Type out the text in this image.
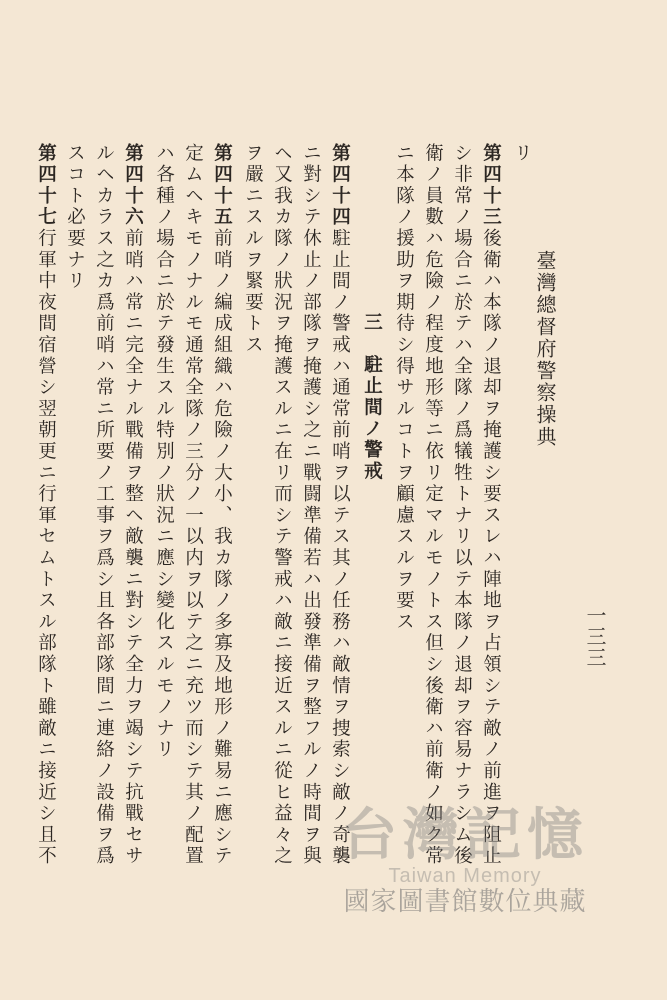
臺灣總督府警察操典
一三三
リ
第四十三後衛ハ本隊ノ退却ヲ掩護シ要スレハ陣地ヲ占領シテ敵ノ前進ヲ阻止
シ非常ノ場合ニ於テハ全隊ノ爲犠牲トナリ以テ本隊ノ退却ヲ容易ナラシム後
衛ノ員數ハ危險ノ程度地形等ニ依リ定マルモノトス但シ後衛ハ前衛ノ如ク常
ニ本隊ノ援助ヲ期待シ得サルコトヲ顧慮スルヲ要ス
三　駐止間ノ警戒
第四十四駐止間ノ警戒ハ通常前哨ヲ以テス其ノ任務ハ敵情ヲ捜索シ敵ノ奇襲
ニ對シテ休止ノ部隊ヲ掩護シ之ニ戰闘準備若ハ出發準備ヲ整フルノ時間ヲ與
ヘ又我カ隊ノ狀況ヲ掩護スルニ在リ而シテ警戒ハ敵ニ接近スルニ從ヒ益々之
ヲ嚴ニスルヲ緊要トス
第四十五前哨ノ編成組織ハ危險ノ大小、我カ隊ノ多寡及地形ノ難易ニ應シテ
定ムヘキモノナルモ通常全隊ノ三分ノ一以内ヲ以テ之ニ充ツ而シテ其ノ配置
ハ各種ノ場合ニ於テ發生スル特別ノ狀況ニ應シ變化スルモノナリ
第四十六前哨ハ常ニ完全ナル戰備ヲ整ヘ敵襲ニ對シテ全力ヲ竭シテ抗戰セサ
ルヘカラス之カ爲前哨ハ常ニ所要ノ工事ヲ爲シ且各部隊間ニ連絡ノ設備ヲ爲
スコト必要ナリ
第四十七行軍中夜間宿營シ翌朝更ニ行軍セムトスル部隊ト雖敵ニ接近シ且不	台灣記憶
Taiwan Memory
國家圖書館數位典藏
